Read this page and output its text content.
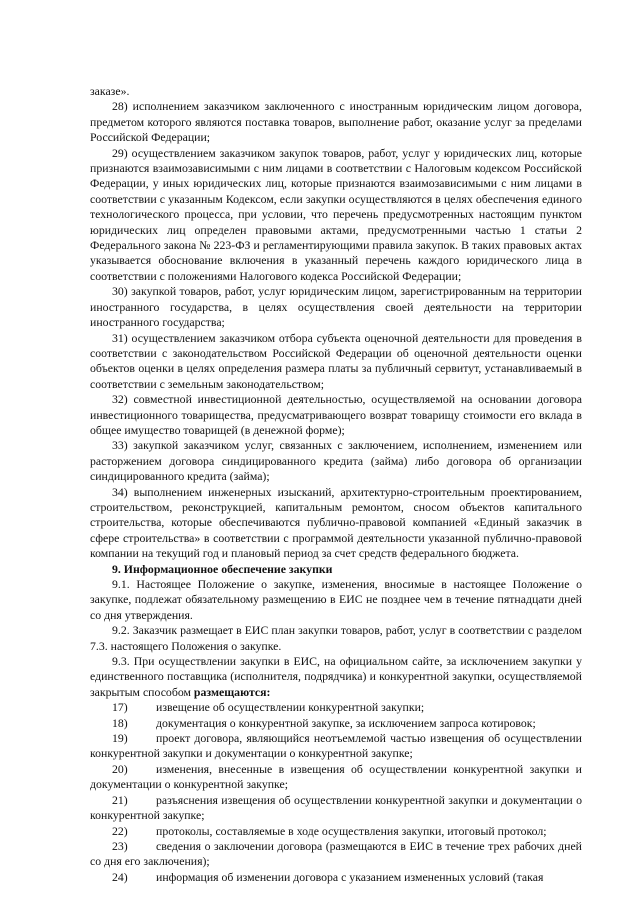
заказе».

28) исполнением заказчиком заключенного с иностранным юридическим лицом договора, предметом которого являются поставка товаров, выполнение работ, оказание услуг за пределами Российской Федерации;

29) осуществлением заказчиком закупок товаров, работ, услуг у юридических лиц, которые признаются взаимозависимыми с ним лицами в соответствии с Налоговым кодексом Российской Федерации, у иных юридических лиц, которые признаются взаимозависимыми с ним лицами в соответствии с указанным Кодексом, если закупки осуществляются в целях обеспечения единого технологического процесса, при условии, что перечень предусмотренных настоящим пунктом юридических лиц определен правовыми актами, предусмотренными частью 1 статьи 2 Федерального закона № 223-ФЗ и регламентирующими правила закупок. В таких правовых актах указывается обоснование включения в указанный перечень каждого юридического лица в соответствии с положениями Налогового кодекса Российской Федерации;

30) закупкой товаров, работ, услуг юридическим лицом, зарегистрированным на территории иностранного государства, в целях осуществления своей деятельности на территории иностранного государства;

31) осуществлением заказчиком отбора субъекта оценочной деятельности для проведения в соответствии с законодательством Российской Федерации об оценочной деятельности оценки объектов оценки в целях определения размера платы за публичный сервитут, устанавливаемый в соответствии с земельным законодательством;

32) совместной инвестиционной деятельностью, осуществляемой на основании договора инвестиционного товарищества, предусматривающего возврат товарищу стоимости его вклада в общее имущество товарищей (в денежной форме);

33) закупкой заказчиком услуг, связанных с заключением, исполнением, изменением или расторжением договора синдицированного кредита (займа) либо договора об организации синдицированного кредита (займа);

34) выполнением инженерных изысканий, архитектурно-строительным проектированием, строительством, реконструкцией, капитальным ремонтом, сносом объектов капитального строительства, которые обеспечиваются публично-правовой компанией «Единый заказчик в сфере строительства» в соответствии с программой деятельности указанной публично-правовой компании на текущий год и плановый период за счет средств федерального бюджета.

9. Информационное обеспечение закупки

9.1. Настоящее Положение о закупке, изменения, вносимые в настоящее Положение о закупке, подлежат обязательному размещению в ЕИС не позднее чем в течение пятнадцати дней со дня утверждения.

9.2. Заказчик размещает в ЕИС план закупки товаров, работ, услуг в соответствии с разделом 7.3. настоящего Положения о закупке.

9.3. При осуществлении закупки в ЕИС, на официальном сайте, за исключением закупки у единственного поставщика (исполнителя, подрядчика) и конкурентной закупки, осуществляемой закрытым способом размещаются:

17) извещение об осуществлении конкурентной закупки;

18) документация о конкурентной закупке, за исключением запроса котировок;

19) проект договора, являющийся неотъемлемой частью извещения об осуществлении конкурентной закупки и документации о конкурентной закупке;

20) изменения, внесенные в извещения об осуществлении конкурентной закупки и документации о конкурентной закупке;

21) разъяснения извещения об осуществлении конкурентной закупки и документации о конкурентной закупке;

22) протоколы, составляемые в ходе осуществления закупки, итоговый протокол;

23) сведения о заключении договора (размещаются в ЕИС в течение трех рабочих дней со дня его заключения);

24) информация об изменении договора с указанием измененных условий (такая
